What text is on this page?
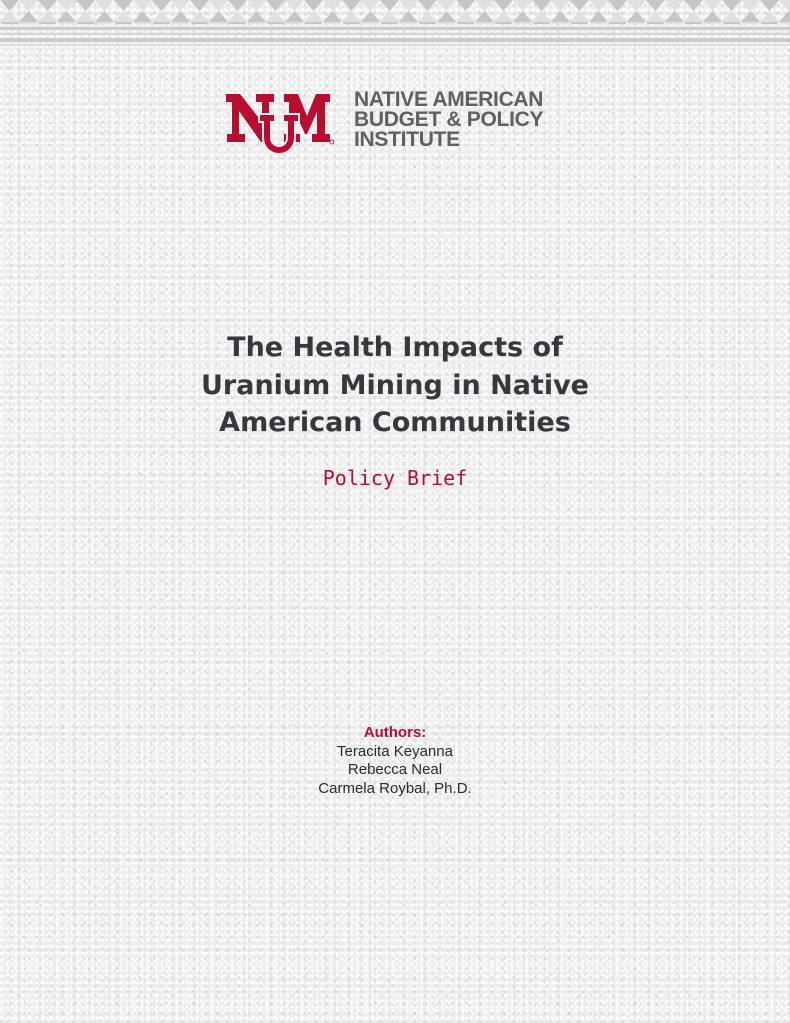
NATIVE AMERICAN
BUDGET & POLICY
INSTITUTE
The Health Impacts of
Uranium Mining in Native
American Communities
Policy Brief
Authors:
Teracita Keyanna
Rebecca Neal
Carmela Roybal, Ph.D.
